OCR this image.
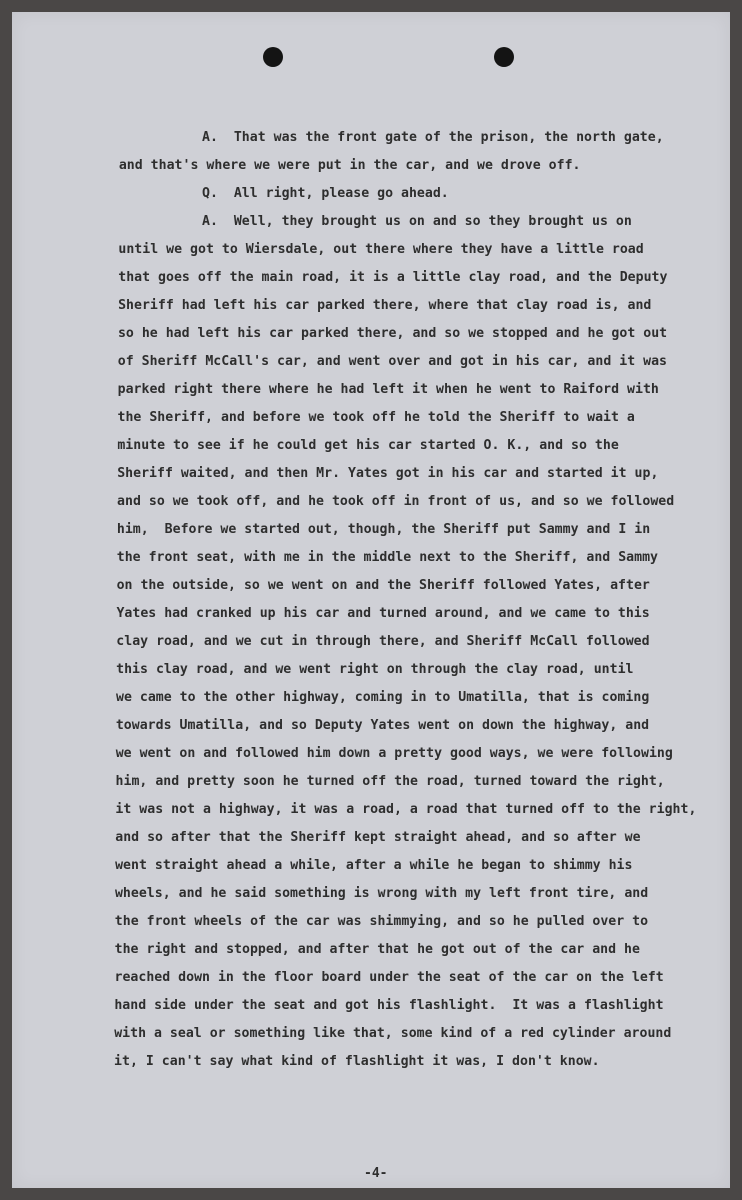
A.  That was the front gate of the prison, the north gate,
and that's where we were put in the car, and we drove off.
Q.  All right, please go ahead.
A.  Well, they brought us on and so they brought us on
until we got to Wiersdale, out there where they have a little road
that goes off the main road, it is a little clay road, and the Deputy
Sheriff had left his car parked there, where that clay road is, and
so he had left his car parked there, and so we stopped and he got out
of Sheriff McCall's car, and went over and got in his car, and it was
parked right there where he had left it when he went to Raiford with
the Sheriff, and before we took off he told the Sheriff to wait a
minute to see if he could get his car started O. K., and so the
Sheriff waited, and then Mr. Yates got in his car and started it up,
and so we took off, and he took off in front of us, and so we followed
him,  Before we started out, though, the Sheriff put Sammy and I in
the front seat, with me in the middle next to the Sheriff, and Sammy
on the outside, so we went on and the Sheriff followed Yates, after
Yates had cranked up his car and turned around, and we came to this
clay road, and we cut in through there, and Sheriff McCall followed
this clay road, and we went right on through the clay road, until
we came to the other highway, coming in to Umatilla, that is coming
towards Umatilla, and so Deputy Yates went on down the highway, and
we went on and followed him down a pretty good ways, we were following
him, and pretty soon he turned off the road, turned toward the right,
it was not a highway, it was a road, a road that turned off to the right,
and so after that the Sheriff kept straight ahead, and so after we
went straight ahead a while, after a while he began to shimmy his
wheels, and he said something is wrong with my left front tire, and
the front wheels of the car was shimmying, and so he pulled over to
the right and stopped, and after that he got out of the car and he
reached down in the floor board under the seat of the car on the left
hand side under the seat and got his flashlight.  It was a flashlight
with a seal or something like that, some kind of a red cylinder around
it, I can't say what kind of flashlight it was, I don't know.
-4-
